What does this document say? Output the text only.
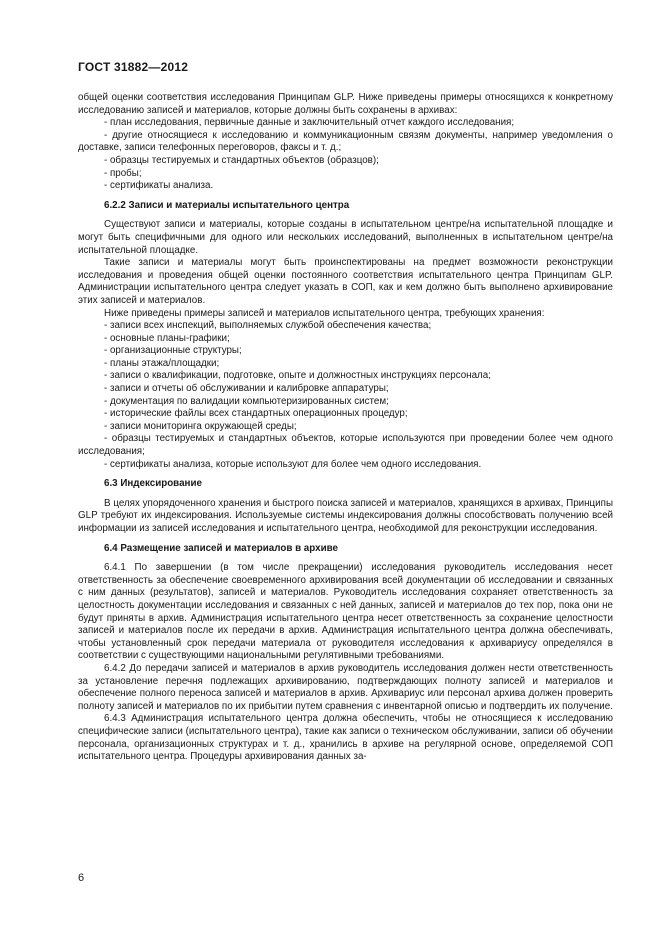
ГОСТ 31882—2012

общей оценки соответствия исследования Принципам GLP. Ниже приведены примеры относящихся к конкретному исследованию записей и материалов, которые должны быть сохранены в архивах:

- план исследования, первичные данные и заключительный отчет каждого исследования;

- другие относящиеся к исследованию и коммуникационным связям документы, например уведомления о доставке, записи телефонных переговоров, факсы и т. д.;

- образцы тестируемых и стандартных объектов (образцов);

- пробы;

- сертификаты анализа.

6.2.2 Записи и материалы испытательного центра

Существуют записи и материалы, которые созданы в испытательном центре/на испытательной площадке и могут быть специфичными для одного или нескольких исследований, выполненных в испытательном центре/на испытательной площадке.

Такие записи и материалы могут быть проинспектированы на предмет возможности реконструкции исследования и проведения общей оценки постоянного соответствия испытательного центра Принципам GLP. Администрации испытательного центра следует указать в СОП, как и кем должно быть выполнено архивирование этих записей и материалов.

Ниже приведены примеры записей и материалов испытательного центра, требующих хранения:

- записи всех инспекций, выполняемых службой обеспечения качества;

- основные планы-графики;

- организационные структуры;

- планы этажа/площадки;

- записи о квалификации, подготовке, опыте и должностных инструкциях персонала;

- записи и отчеты об обслуживании и калибровке аппаратуры;

- документация по валидации компьютеризированных систем;

- исторические файлы всех стандартных операционных процедур;

- записи мониторинга окружающей среды;

- образцы тестируемых и стандартных объектов, которые используются при проведении более чем одного исследования;

- сертификаты анализа, которые используют для более чем одного исследования.

6.3 Индексирование

В целях упорядоченного хранения и быстрого поиска записей и материалов, хранящихся в архивах, Принципы GLP требуют их индексирования. Используемые системы индексирования должны способствовать получению всей информации из записей исследования и испытательного центра, необходимой для реконструкции исследования.

6.4 Размещение записей и материалов в архиве

6.4.1 По завершении (в том числе прекращении) исследования руководитель исследования несет ответственность за обеспечение своевременного архивирования всей документации об исследовании и связанных с ним данных (результатов), записей и материалов. Руководитель исследования сохраняет ответственность за целостность документации исследования и связанных с ней данных, записей и материалов до тех пор, пока они не будут приняты в архив. Администрация испытательного центра несет ответственность за сохранение целостности записей и материалов после их передачи в архив. Администрация испытательного центра должна обеспечивать, чтобы установленный срок передачи материала от руководителя исследования к архивариусу определялся в соответствии с существующими национальными регулятивными требованиями.

6.4.2 До передачи записей и материалов в архив руководитель исследования должен нести ответственность за установление перечня подлежащих архивированию, подтверждающих полноту записей и материалов и обеспечение полного переноса записей и материалов в архив. Архивариус или персонал архива должен проверить полноту записей и материалов по их прибытии путем сравнения с инвентарной описью и подтвердить их получение.

6.4.3 Администрация испытательного центра должна обеспечить, чтобы не относящиеся к исследованию специфические записи (испытательного центра), такие как записи о техническом обслуживании, записи об обучении персонала, организационных структурах и т. д., хранились в архиве на регулярной основе, определяемой СОП испытательного центра. Процедуры архивирования данных за-

6
